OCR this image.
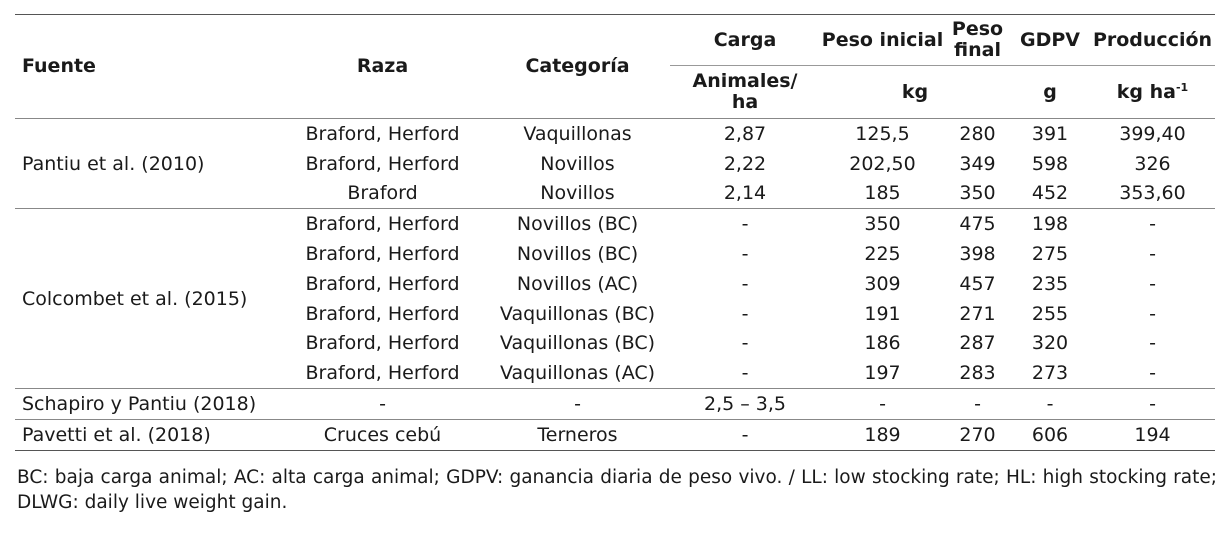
Fuente	Raza	Categoría	Carga	Peso inicial	Peso final	GDPV	Producción
			Animales/ ha	kg		g	kg $ha^{-1}$
Pantiu et al. (2010)	Braford, Herford	Vaquillonas	2,87	125,5	280	391	399,40
	Braford, Herford	Novillos	2,22	202,50	349	598	326
	Braford	Novillos	2,14	185	350	452	353,60
Colcombet et al. (2015)	Braford, Herford	Novillos (BC)	-	350	475	198	-
	Braford, Herford	Novillos (BC)	-	225	398	275	-
	Braford, Herford	Novillos (AC)	-	309	457	235	-
	Braford, Herford	Vaquillonas (BC)	-	191	271	255	-
	Braford, Herford	Vaquillonas (BC)	-	186	287	320	-
	Braford, Herford	Vaquillonas (AC)	-	197	283	273	-
Schapiro y Pantiu (2018)	-	-	2,5 – 3,5	-	-	-	-
Pavetti et al. (2018)	Cruces cebú	Terneros	-	189	270	606	194
BC: baja carga animal; AC: alta carga animal; GDPV: ganancia diaria de peso vivo. / LL: low stocking rate; HL: high stocking rate; DLWG: daily live weight gain.
